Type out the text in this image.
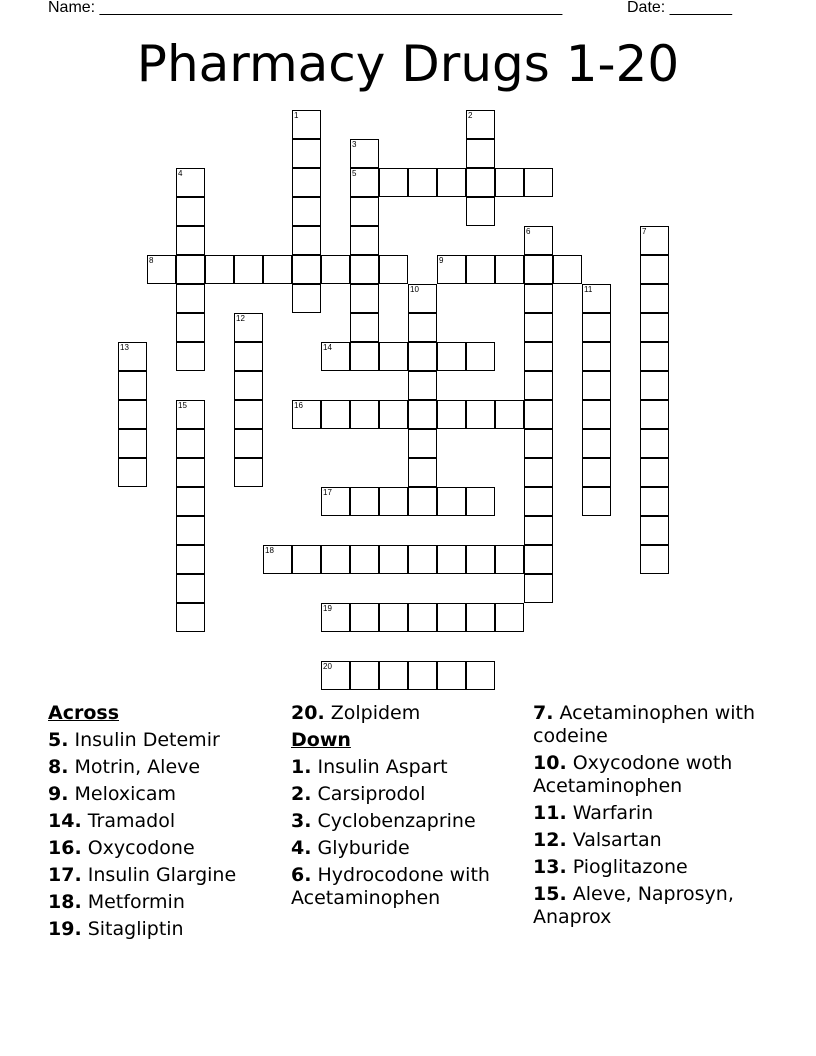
Name: ____________________________________________________	Date: _______
Pharmacy Drugs 1-20
1	2
3
5
4
6	7
8	9
10	11
12
13	14
15	16
17
18
19
20
Across
5. Insulin Detemir
8. Motrin, Aleve
9. Meloxicam
14. Tramadol
16. Oxycodone
17. Insulin Glargine
18. Metformin
19. Sitagliptin
20. Zolpidem
Down
1. Insulin Aspart
2. Carsiprodol
3. Cyclobenzaprine
4. Glyburide
6. Hydrocodone with Acetaminophen
7. Acetaminophen with codeine
10. Oxycodone woth Acetaminophen
11. Warfarin
12. Valsartan
13. Pioglitazone
15. Aleve, Naprosyn, Anaprox
